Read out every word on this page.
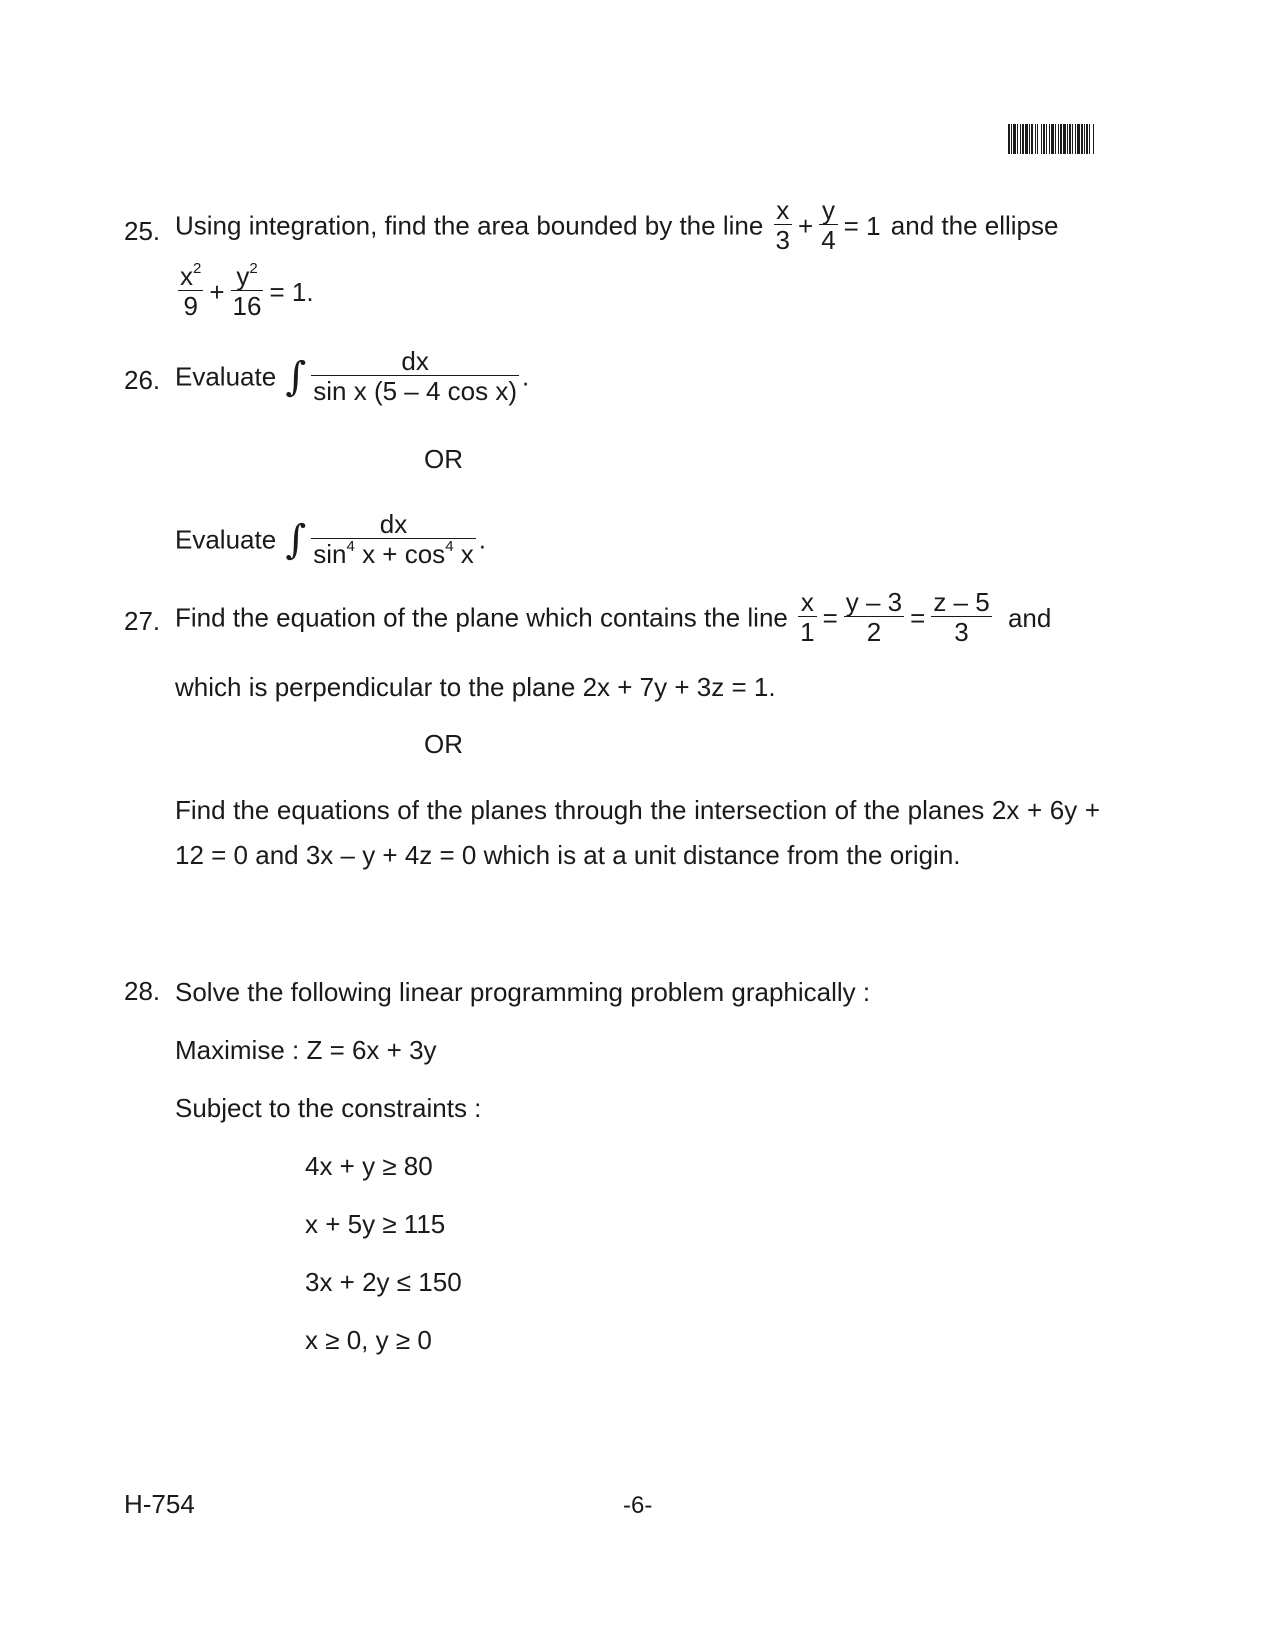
25. Using integration, find the area bounded by the line $\frac{x}{3} + \frac{y}{4} = 1$ and the ellipse
$\frac{x^2}{9} + \frac{y^2}{16} = 1$.
26. Evaluate ∫ $\frac{dx}{\text{sin x (5 – 4 cos x)}}$ .
OR
Evaluate ∫ $\frac{dx}{\sin^4 x + \cos^4 x}$ .
27. Find the equation of the plane which contains the line $\frac{x}{1} = \frac{y - 3}{2} = \frac{z - 5}{3}$ and
which is perpendicular to the plane 2x + 7y + 3z = 1.
OR
Find the equations of the planes through the intersection of the planes 2x + 6y + 12 = 0 and 3x – y + 4z = 0 which is at a unit distance from the origin.
28. Solve the following linear programming problem graphically :
Maximise : Z = 6x + 3y
Subject to the constraints :
4x + y ≥ 80
x + 5y ≥ 115
3x + 2y ≤ 150
x ≥ 0, y ≥ 0
H-754	-6-
